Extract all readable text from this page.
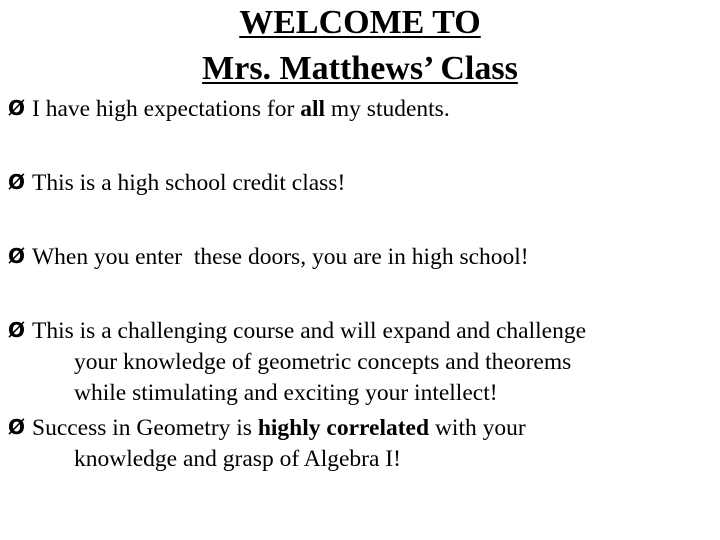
WELCOME TO
Mrs. Matthews’ Class

Ø I have high expectations for all my students.

Ø This is a high school credit class!

Ø When you enter  these doors, you are in high school!

Ø This is a challenging course and will expand and challenge
your knowledge of geometric concepts and theorems
while stimulating and exciting your intellect!

Ø Success in Geometry is highly correlated with your
knowledge and grasp of Algebra I!
